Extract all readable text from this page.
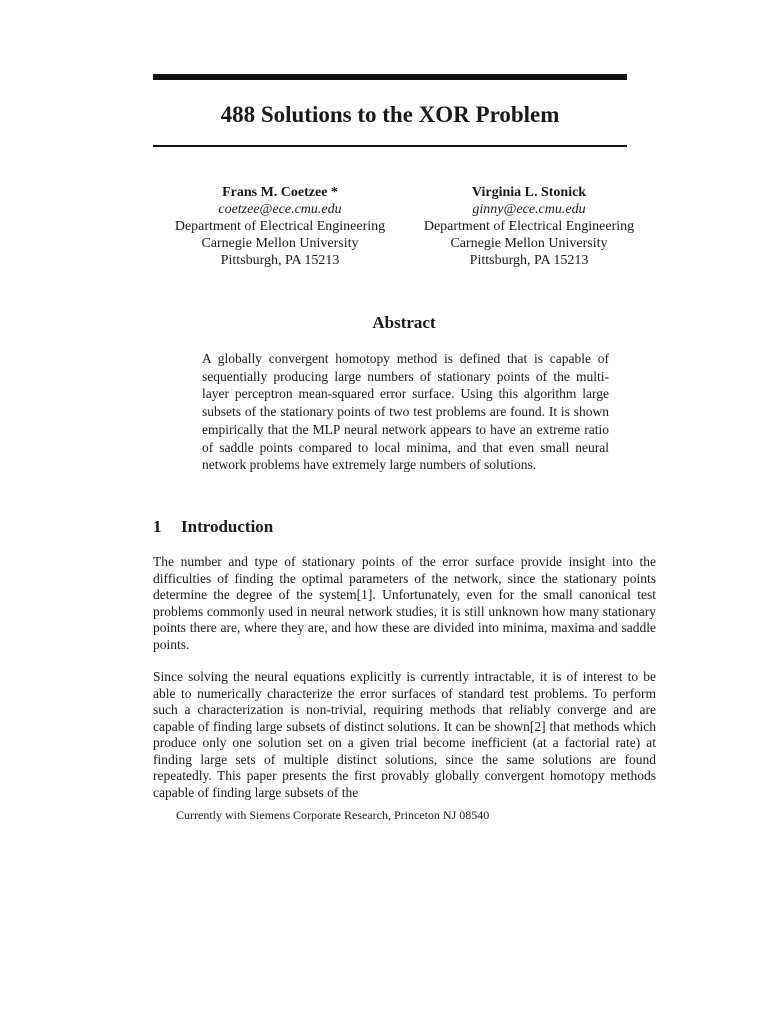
488 Solutions to the XOR Problem
Frans M. Coetzee *
coetzee@ece.cmu.edu
Department of Electrical Engineering
Carnegie Mellon University
Pittsburgh, PA 15213
Virginia L. Stonick
ginny@ece.cmu.edu
Department of Electrical Engineering
Carnegie Mellon University
Pittsburgh, PA 15213
Abstract

A globally convergent homotopy method is defined that is capable of sequentially producing large numbers of stationary points of the multi-layer perceptron mean-squared error surface. Using this algorithm large subsets of the stationary points of two test problems are found. It is shown empirically that the MLP neural network appears to have an extreme ratio of saddle points compared to local minima, and that even small neural network problems have extremely large numbers of solutions.

1 Introduction

The number and type of stationary points of the error surface provide insight into the difficulties of finding the optimal parameters of the network, since the stationary points determine the degree of the system[1]. Unfortunately, even for the small canonical test problems commonly used in neural network studies, it is still unknown how many stationary points there are, where they are, and how these are divided into minima, maxima and saddle points.

Since solving the neural equations explicitly is currently intractable, it is of interest to be able to numerically characterize the error surfaces of standard test problems. To perform such a characterization is non-trivial, requiring methods that reliably converge and are capable of finding large subsets of distinct solutions. It can be shown[2] that methods which produce only one solution set on a given trial become inefficient (at a factorial rate) at finding large sets of multiple distinct solutions, since the same solutions are found repeatedly. This paper presents the first provably globally convergent homotopy methods capable of finding large subsets of the

Currently with Siemens Corporate Research, Princeton NJ 08540
